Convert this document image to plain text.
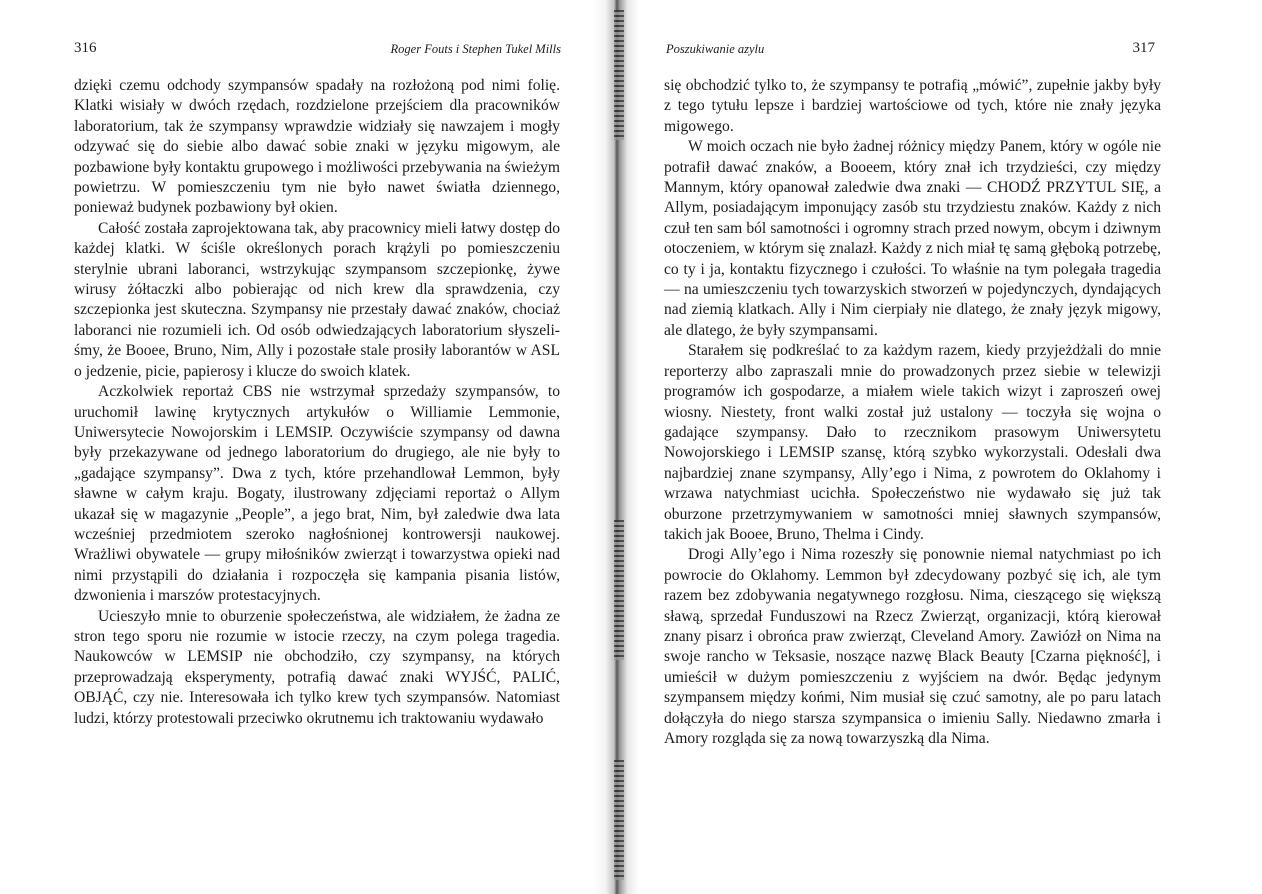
316	Roger Fouts i Stephen Tukel Mills

dzięki czemu odchody szympansów spadały na rozłożoną pod nimi folię. Klatki wisiały w dwóch rzędach, rozdzielone przejściem dla pracowników laboratorium, tak że szympansy wprawdzie widziały się nawzajem i mogły odzywać się do siebie albo dawać sobie znaki w języku migowym, ale pozbawione były kontaktu grupowego i możliwości przebywania na świeżym powietrzu. W pomieszczeniu tym nie było nawet światła dziennego, ponieważ budynek pozbawiony był okien.

Całość została zaprojektowana tak, aby pracownicy mieli łatwy dostęp do każdej klatki. W ściśle określonych porach krążyli po pomieszczeniu sterylnie ubrani laboranci, wstrzykując szympansom szczepionkę, żywe wirusy żółtaczki albo pobierając od nich krew dla sprawdzenia, czy szczepionka jest skuteczna. Szympansy nie przestały dawać znaków, chociaż laboranci nie rozumieli ich. Od osób odwiedzających laboratorium słyszeliśmy, że Booee, Bruno, Nim, Ally i pozostałe stale prosiły laborantów w ASL o jedzenie, picie, papierosy i klucze do swoich klatek.

Aczkolwiek reportaż CBS nie wstrzymał sprzedaży szympansów, to uruchomił lawinę krytycznych artykułów o Williamie Lemmonie, Uniwersytecie Nowojorskim i LEMSIP. Oczywiście szympansy od dawna były przekazywane od jednego laboratorium do drugiego, ale nie były to „gadające szympansy”. Dwa z tych, które przehandlował Lemmon, były sławne w całym kraju. Bogaty, ilustrowany zdjęciami reportaż o Allym ukazał się w magazynie „People”, a jego brat, Nim, był zaledwie dwa lata wcześniej przedmiotem szeroko nagłośnionej kontrowersji naukowej. Wrażliwi obywatele — grupy miłośników zwierząt i towarzystwa opieki nad nimi przystąpili do działania i rozpoczęła się kampania pisania listów, dzwonienia i marszów protestacyjnych.

Ucieszyło mnie to oburzenie społeczeństwa, ale widziałem, że żadna ze stron tego sporu nie rozumie w istocie rzeczy, na czym polega tragedia. Naukowców w LEMSIP nie obchodziło, czy szympansy, na których przeprowadzają eksperymenty, potrafią dawać znaki WYJŚĆ, PALIĆ, OBJĄĆ, czy nie. Interesowała ich tylko krew tych szympansów. Natomiast ludzi, którzy protestowali przeciwko okrutnemu ich traktowaniu wydawało

Poszukiwanie azylu	317

się obchodzić tylko to, że szympansy te potrafią „mówić”, zupełnie jakby były z tego tytułu lepsze i bardziej wartościowe od tych, które nie znały języka migowego.

W moich oczach nie było żadnej różnicy między Panem, który w ogóle nie potrafił dawać znaków, a Booeem, który znał ich trzydzieści, czy między Mannym, który opanował zaledwie dwa znaki — CHODŹ PRZYTUL SIĘ, a Allym, posiadającym imponujący zasób stu trzydziestu znaków. Każdy z nich czuł ten sam ból samotności i ogromny strach przed nowym, obcym i dziwnym otoczeniem, w którym się znalazł. Każdy z nich miał tę samą głęboką potrzebę, co ty i ja, kontaktu fizycznego i czułości. To właśnie na tym polegała tragedia — na umieszczeniu tych towarzyskich stworzeń w pojedynczych, dyndających nad ziemią klatkach. Ally i Nim cierpiały nie dlatego, że znały język migowy, ale dlatego, że były szympansami.

Starałem się podkreślać to za każdym razem, kiedy przyjeżdżali do mnie reporterzy albo zapraszali mnie do prowadzonych przez siebie w telewizji programów ich gospodarze, a miałem wiele takich wizyt i zaproszeń owej wiosny. Niestety, front walki został już ustalony — toczyła się wojna o gadające szympansy. Dało to rzecznikom prasowym Uniwersytetu Nowojorskiego i LEMSIP szansę, którą szybko wykorzystali. Odesłali dwa najbardziej znane szympansy, Ally’ego i Nima, z powrotem do Oklahomy i wrzawa natychmiast ucichła. Społeczeństwo nie wydawało się już tak oburzone przetrzymywaniem w samotności mniej sławnych szympansów, takich jak Booee, Bruno, Thelma i Cindy.

Drogi Ally’ego i Nima rozeszły się ponownie niemal natychmiast po ich powrocie do Oklahomy. Lemmon był zdecydowany pozbyć się ich, ale tym razem bez zdobywania negatywnego rozgłosu. Nima, cieszącego się większą sławą, sprzedał Funduszowi na Rzecz Zwierząt, organizacji, którą kierował znany pisarz i obrońca praw zwierząt, Cleveland Amory. Zawiózł on Nima na swoje rancho w Teksasie, noszące nazwę Black Beauty [Czarna piękność], i umieścił w dużym pomieszczeniu z wyjściem na dwór. Będąc jedynym szympansem między końmi, Nim musiał się czuć samotny, ale po paru latach dołączyła do niego starsza szympansica o imieniu Sally. Niedawno zmarła i Amory rozgląda się za nową towarzyszką dla Nima.
